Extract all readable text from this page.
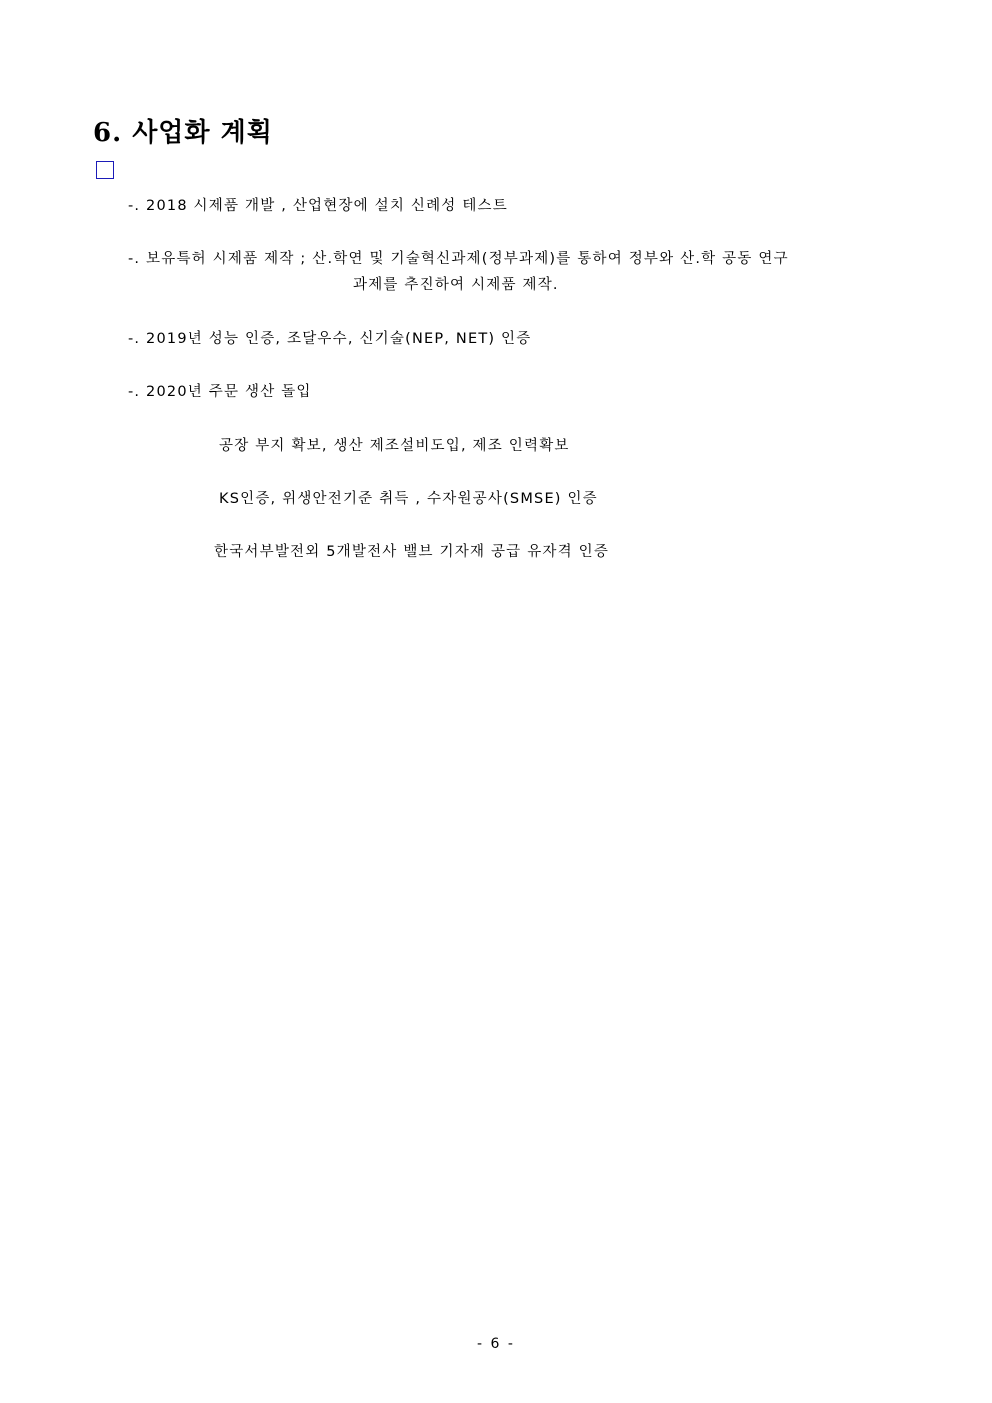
6. 사업화 계획
-. 2018 시제품 개발 , 산업현장에 설치 신례성 테스트
-. 보유특허 시제품 제작 ; 산.학연 및 기술혁신과제(정부과제)를 통하여 정부와 산.학 공동 연구
과제를 추진하여 시제품 제작.
-. 2019년 성능 인증, 조달우수, 신기술(NEP, NET) 인증
-. 2020년 주문 생산 돌입
공장 부지 확보, 생산 제조설비도입, 제조 인력확보
KS인증, 위생안전기준 취득 , 수자원공사(SMSE) 인증
한국서부발전외 5개발전사 밸브 기자재 공급 유자격 인증
- 6 -
